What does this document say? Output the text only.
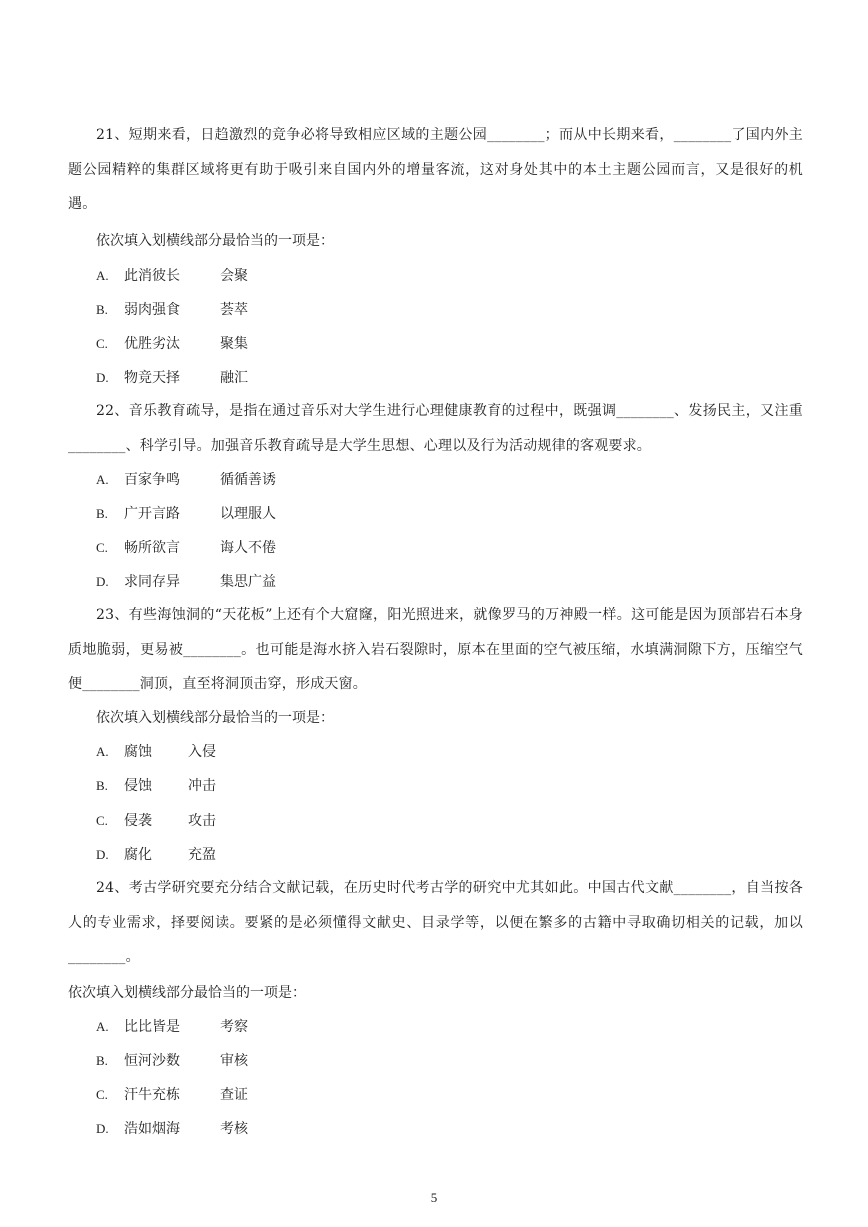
21、短期来看，日趋激烈的竞争必将导致相应区域的主题公园________；而从中长期来看，________了国内外主题公园精粹的集群区域将更有助于吸引来自国内外的增量客流，这对身处其中的本土主题公园而言，又是很好的机遇。
依次填入划横线部分最恰当的一项是：
A. 此消彼长	会聚
B. 弱肉强食	荟萃
C. 优胜劣汰	聚集
D. 物竞天择	融汇
22、音乐教育疏导，是指在通过音乐对大学生进行心理健康教育的过程中，既强调________、发扬民主，又注重________、科学引导。加强音乐教育疏导是大学生思想、心理以及行为活动规律的客观要求。
A. 百家争鸣	循循善诱
B. 广开言路	以理服人
C. 畅所欲言	诲人不倦
D. 求同存异	集思广益
23、有些海蚀洞的“天花板”上还有个大窟窿，阳光照进来，就像罗马的万神殿一样。这可能是因为顶部岩石本身质地脆弱，更易被________。也可能是海水挤入岩石裂隙时，原本在里面的空气被压缩，水填满洞隙下方，压缩空气便________洞顶，直至将洞顶击穿，形成天窗。
依次填入划横线部分最恰当的一项是：
A. 腐蚀	入侵
B. 侵蚀	冲击
C. 侵袭	攻击
D. 腐化	充盈
24、考古学研究要充分结合文献记载，在历史时代考古学的研究中尤其如此。中国古代文献________，自当按各人的专业需求，择要阅读。要紧的是必须懂得文献史、目录学等，以便在繁多的古籍中寻取确切相关的记载，加以________。
依次填入划横线部分最恰当的一项是：
A. 比比皆是	考察
B. 恒河沙数	审核
C. 汗牛充栋	查证
D. 浩如烟海	考核
5
